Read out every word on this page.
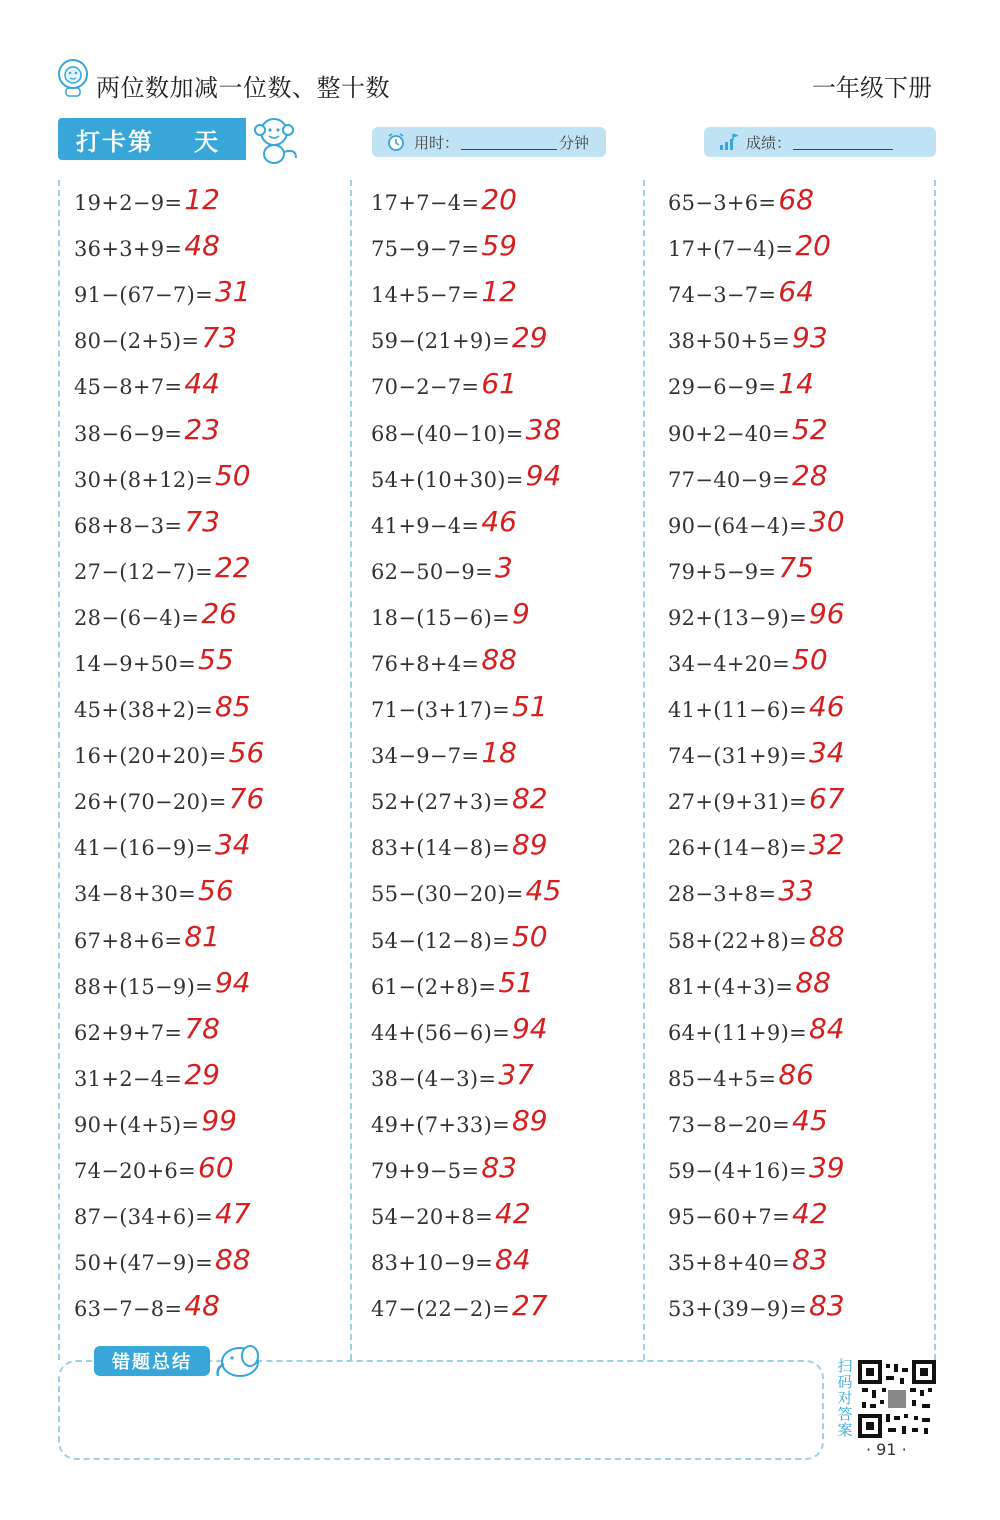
两位数加减一位数、整十数	一年级下册
打卡第 天	用时：	分钟	成绩：
19+2−9= 12
36+3+9= 48
91−(67−7)= 31
80−(2+5)= 73
45−8+7= 44
38−6−9= 23
30+(8+12)= 50
68+8−3= 73
27−(12−7)= 22
28−(6−4)= 26
14−9+50= 55
45+(38+2)= 85
16+(20+20)= 56
26+(70−20)= 76
41−(16−9)= 34
34−8+30= 56
67+8+6= 81
88+(15−9)= 94
62+9+7= 78
31+2−4= 29
90+(4+5)= 99
74−20+6= 60
87−(34+6)= 47
50+(47−9)= 88
63−7−8= 48
17+7−4= 20
75−9−7= 59
14+5−7= 12
59−(21+9)= 29
70−2−7= 61
68−(40−10)= 38
54+(10+30)= 94
41+9−4= 46
62−50−9= 3
18−(15−6)= 9
76+8+4= 88
71−(3+17)= 51
34−9−7= 18
52+(27+3)= 82
83+(14−8)= 89
55−(30−20)= 45
54−(12−8)= 50
61−(2+8)= 51
44+(56−6)= 94
38−(4−3)= 37
49+(7+33)= 89
79+9−5= 83
54−20+8= 42
83+10−9= 84
47−(22−2)= 27
65−3+6= 68
17+(7−4)= 20
74−3−7= 64
38+50+5= 93
29−6−9= 14
90+2−40= 52
77−40−9= 28
90−(64−4)= 30
79+5−9= 75
92+(13−9)= 96
34−4+20= 50
41+(11−6)= 46
74−(31+9)= 34
27+(9+31)= 67
26+(14−8)= 32
28−3+8= 33
58+(22+8)= 88
81+(4+3)= 88
64+(11+9)= 84
85−4+5= 86
73−8−20= 45
59−(4+16)= 39
95−60+7= 42
35+8+40= 83
53+(39−9)= 83
错题总结	扫码对答案
· 91 ·
